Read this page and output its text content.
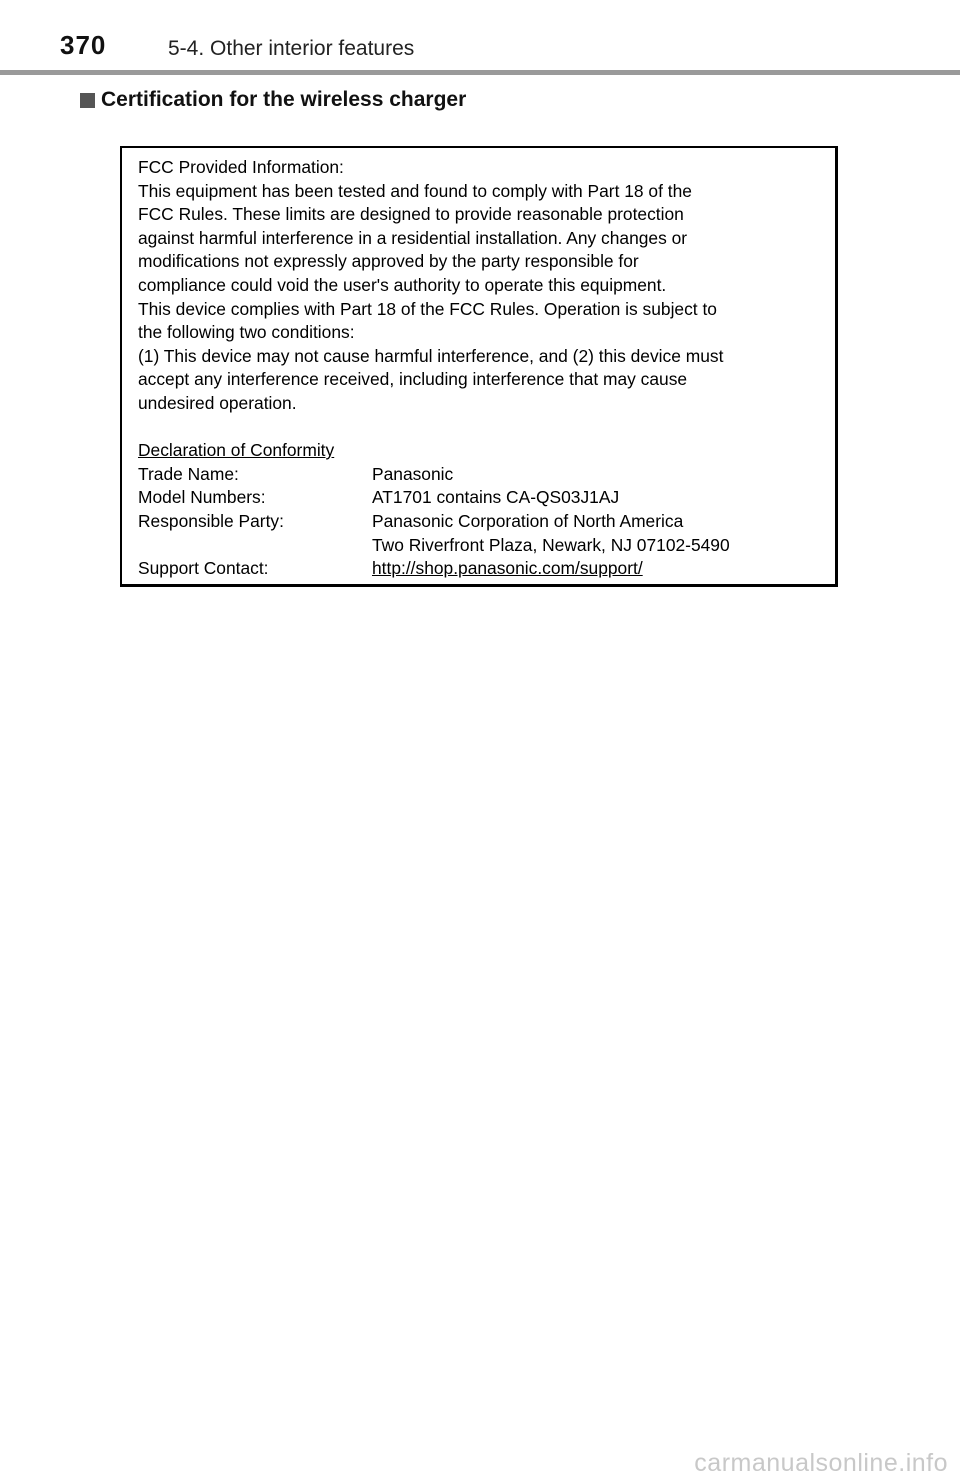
370	5-4. Other interior features
Certification for the wireless charger
FCC Provided Information:
This equipment has been tested and found to comply with Part 18 of the
FCC Rules. These limits are designed to provide reasonable protection
against harmful interference in a residential installation. Any changes or
modifications not expressly approved by the party responsible for
compliance could void the user's authority to operate this equipment.
This device complies with Part 18 of the FCC Rules. Operation is subject to
the following two conditions:
(1) This device may not cause harmful interference, and (2) this device must
accept any interference received, including interference that may cause
undesired operation.
Declaration of Conformity
Trade Name:	Panasonic
Model Numbers:	AT1701 contains CA-QS03J1AJ
Responsible Party:	Panasonic Corporation of North America
Two Riverfront Plaza, Newark, NJ 07102-5490
Support Contact:	http://shop.panasonic.com/support/
carmanualsonline.info
